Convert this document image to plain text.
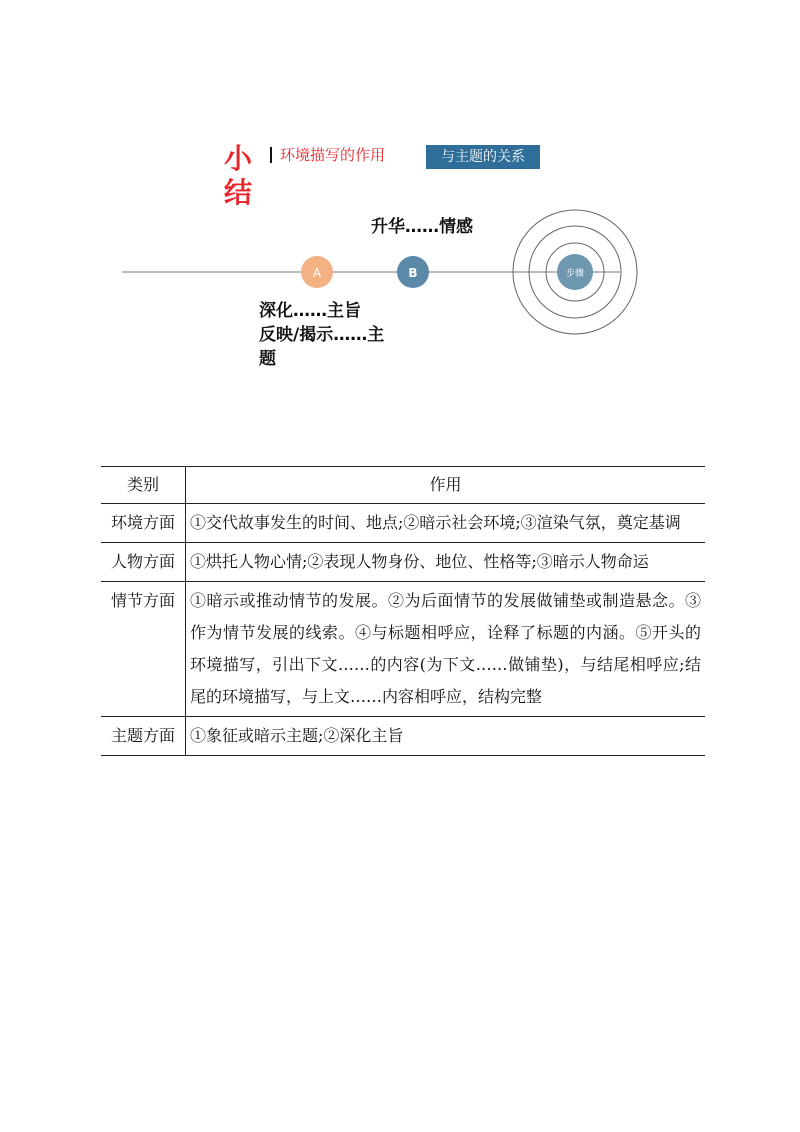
小
结
环境描写的作用	与主题的关系
步骤
A	B
升华……情感
深化……主旨
反映/揭示……主
题
类别	作用
环境方面	①交代故事发生的时间、地点;②暗示社会环境;③渲染气氛，奠定基调
人物方面	①烘托人物心情;②表现人物身份、地位、性格等;③暗示人物命运
情节方面	①暗示或推动情节的发展。②为后面情节的发展做铺垫或制造悬念。③作为情节发展的线索。④与标题相呼应，诠释了标题的内涵。⑤开头的环境描写，引出下文……的内容(为下文……做铺垫)，与结尾相呼应;结尾的环境描写，与上文……内容相呼应，结构完整
主题方面	①象征或暗示主题;②深化主旨
